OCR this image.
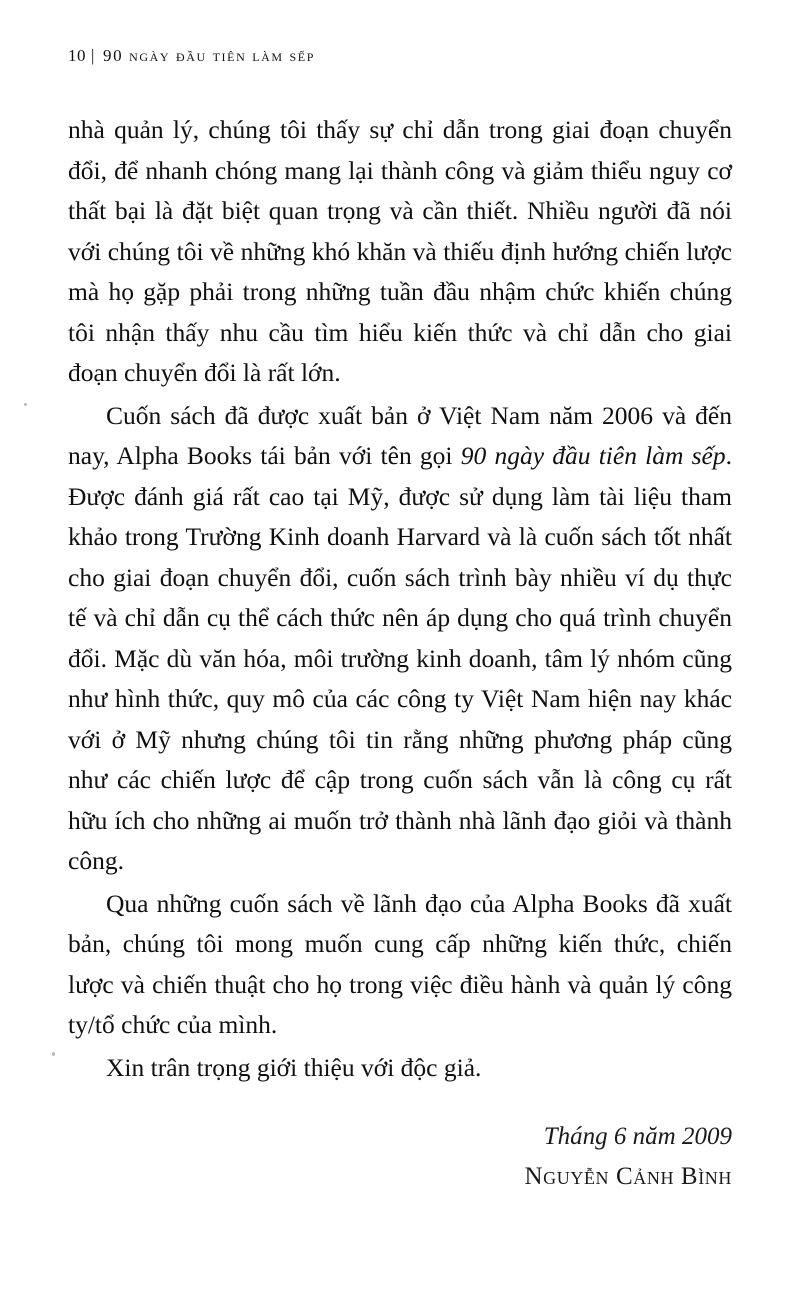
10 | 90 ngày đầu tiên làm sếp

nhà quản lý, chúng tôi thấy sự chỉ dẫn trong giai đoạn chuyển đổi, để nhanh chóng mang lại thành công và giảm thiểu nguy cơ thất bại là đặt biệt quan trọng và cần thiết. Nhiều người đã nói với chúng tôi về những khó khăn và thiếu định hướng chiến lược mà họ gặp phải trong những tuần đầu nhậm chức khiến chúng tôi nhận thấy nhu cầu tìm hiểu kiến thức và chỉ dẫn cho giai đoạn chuyển đổi là rất lớn.

Cuốn sách đã được xuất bản ở Việt Nam năm 2006 và đến nay, Alpha Books tái bản với tên gọi 90 ngày đầu tiên làm sếp. Được đánh giá rất cao tại Mỹ, được sử dụng làm tài liệu tham khảo trong Trường Kinh doanh Harvard và là cuốn sách tốt nhất cho giai đoạn chuyển đổi, cuốn sách trình bày nhiều ví dụ thực tế và chỉ dẫn cụ thể cách thức nên áp dụng cho quá trình chuyển đổi. Mặc dù văn hóa, môi trường kinh doanh, tâm lý nhóm cũng như hình thức, quy mô của các công ty Việt Nam hiện nay khác với ở Mỹ nhưng chúng tôi tin rằng những phương pháp cũng như các chiến lược để cập trong cuốn sách vẫn là công cụ rất hữu ích cho những ai muốn trở thành nhà lãnh đạo giỏi và thành công.

Qua những cuốn sách về lãnh đạo của Alpha Books đã xuất bản, chúng tôi mong muốn cung cấp những kiến thức, chiến lược và chiến thuật cho họ trong việc điều hành và quản lý công ty/tổ chức của mình.

Xin trân trọng giới thiệu với độc giả.

Tháng 6 năm 2009
Nguyễn Cảnh Bình
